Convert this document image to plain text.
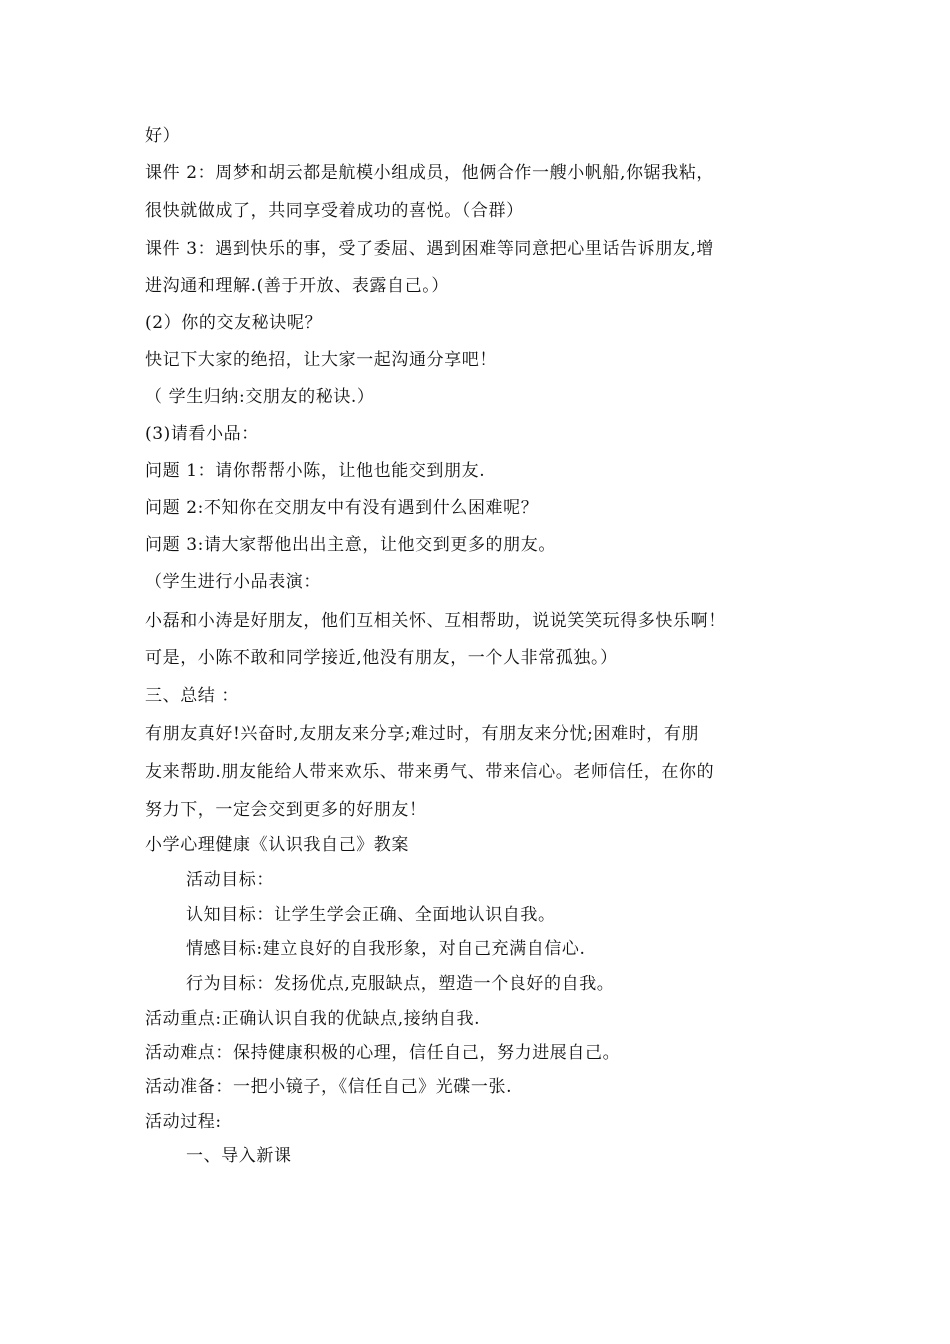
好）
课件 2：周梦和胡云都是航模小组成员，他俩合作一艘小帆船,你锯我粘，
很快就做成了，共同享受着成功的喜悦。（合群）
课件 3：遇到快乐的事，受了委屈、遇到困难等同意把心里话告诉朋友,增
进沟通和理解.(善于开放、表露自己。）
(2）你的交友秘诀呢？
快记下大家的绝招，让大家一起沟通分享吧！
（ 学生归纳:交朋友的秘诀.）
(3)请看小品：
问题 1：请你帮帮小陈，让他也能交到朋友.
问题 2:不知你在交朋友中有没有遇到什么困难呢？
问题 3:请大家帮他出出主意，让他交到更多的朋友。
（学生进行小品表演：
小磊和小涛是好朋友，他们互相关怀、互相帮助，说说笑笑玩得多快乐啊！
可是，小陈不敢和同学接近,他没有朋友，一个人非常孤独。）
三、总结 ：
有朋友真好!兴奋时,友朋友来分享;难过时，有朋友来分忧;困难时，有朋
友来帮助.朋友能给人带来欢乐、带来勇气、带来信心。老师信任，在你的
努力下，一定会交到更多的好朋友！
小学心理健康《认识我自己》教案
活动目标：
认知目标：让学生学会正确、全面地认识自我。
情感目标:建立良好的自我形象，对自己充满自信心.
行为目标：发扬优点,克服缺点，塑造一个良好的自我。
活动重点:正确认识自我的优缺点,接纳自我.
活动难点：保持健康积极的心理，信任自己，努力进展自己。
活动准备：一把小镜子，《信任自己》光碟一张.
活动过程:
一、导入新课
